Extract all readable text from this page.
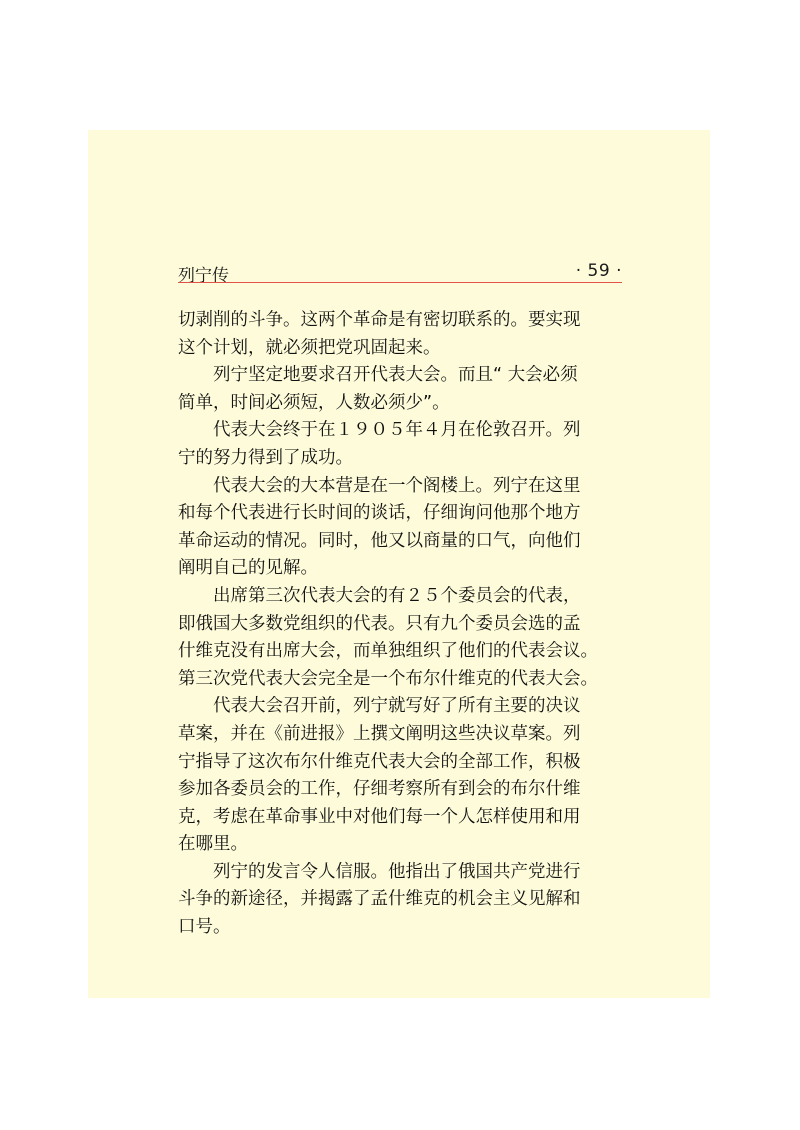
列宁传	· 59 ·
切剥削的斗争。这两个革命是有密切联系的。要实现
这个计划，就必须把党巩固起来。
列宁坚定地要求召开代表大会。而且“ 大会必须
简单，时间必须短，人数必须少”。
代表大会终于在１９０５年４月在伦敦召开。列
宁的努力得到了成功。
代表大会的大本营是在一个阁楼上。列宁在这里
和每个代表进行长时间的谈话，仔细询问他那个地方
革命运动的情况。同时，他又以商量的口气，向他们
阐明自己的见解。
出席第三次代表大会的有２５个委员会的代表，
即俄国大多数党组织的代表。只有九个委员会选的孟
什维克没有出席大会，而单独组织了他们的代表会议。
第三次党代表大会完全是一个布尔什维克的代表大会。
代表大会召开前，列宁就写好了所有主要的决议
草案，并在《前进报》上撰文阐明这些决议草案。列
宁指导了这次布尔什维克代表大会的全部工作，积极
参加各委员会的工作，仔细考察所有到会的布尔什维
克，考虑在革命事业中对他们每一个人怎样使用和用
在哪里。
列宁的发言令人信服。他指出了俄国共产党进行
斗争的新途径，并揭露了孟什维克的机会主义见解和
口号。
